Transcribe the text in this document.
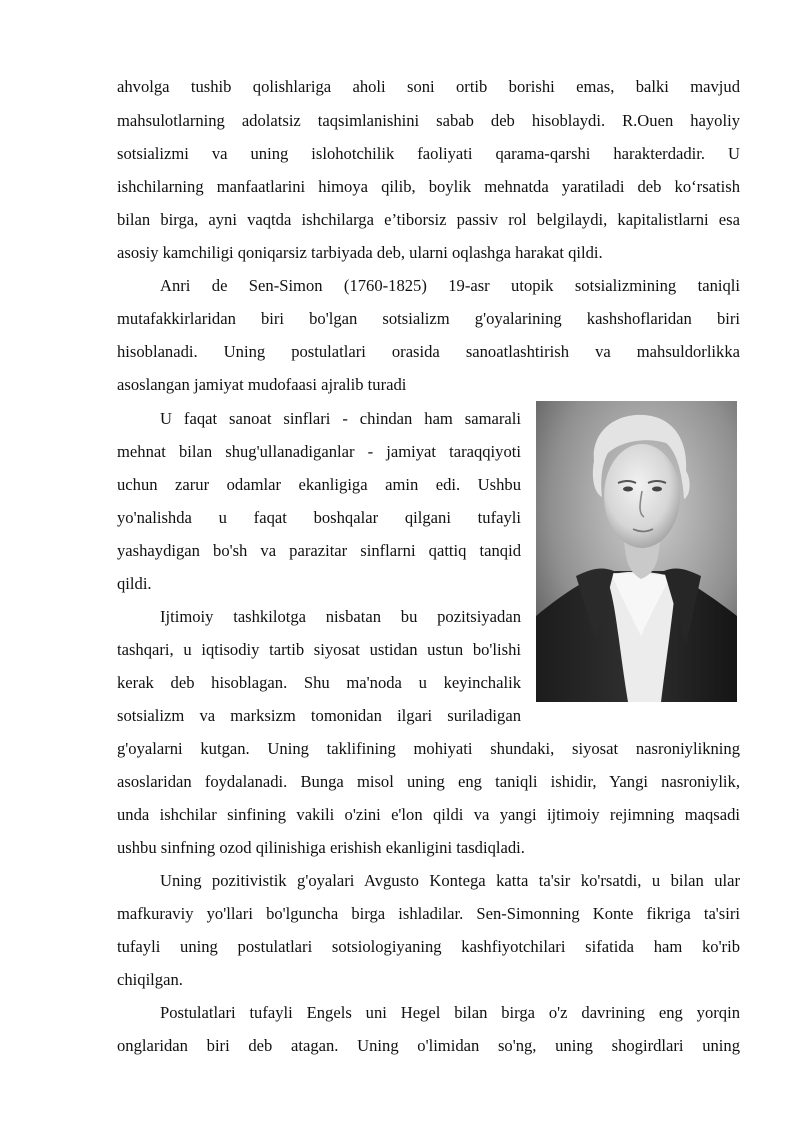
ahvolga tushib qolishlariga aholi soni ortib borishi emas, balki mavjud
mahsulotlarning adolatsiz taqsimlanishini sabab deb hisoblaydi. R.Ouen hayoliy
sotsializmi va uning islohotchilik faoliyati qarama-qarshi harakterdadir. U
ishchilarning manfaatlarini himoya qilib, boylik mehnatda yaratiladi deb ko‘rsatish
bilan birga, ayni vaqtda ishchilarga e’tiborsiz passiv rol belgilaydi, kapitalistlarni esa
asosiy kamchiligi qoniqarsiz tarbiyada deb, ularni oqlashga harakat qildi.
Anri de Sen-Simon (1760-1825) 19-asr utopik sotsializmining taniqli
mutafakkirlaridan biri bo'lgan sotsializm g'oyalarining kashshoflaridan biri
hisoblanadi. Uning postulatlari orasida sanoatlashtirish va mahsuldorlikka
asoslangan jamiyat mudofaasi ajralib turadi
U faqat sanoat sinflari - chindan ham samarali
mehnat bilan shug'ullanadiganlar - jamiyat taraqqiyoti
uchun zarur odamlar ekanligiga amin edi. Ushbu
yo'nalishda u faqat boshqalar qilgani tufayli
yashaydigan bo'sh va parazitar sinflarni qattiq tanqid
qildi.
Ijtimoiy tashkilotga nisbatan bu pozitsiyadan
tashqari, u iqtisodiy tartib siyosat ustidan ustun bo'lishi
kerak deb hisoblagan. Shu ma'noda u keyinchalik
sotsializm va marksizm tomonidan ilgari suriladigan
g'oyalarni kutgan. Uning taklifining mohiyati shundaki, siyosat nasroniylikning
asoslaridan foydalanadi. Bunga misol uning eng taniqli ishidir, Yangi nasroniylik,
unda ishchilar sinfining vakili o'zini e'lon qildi va yangi ijtimoiy rejimning maqsadi
ushbu sinfning ozod qilinishiga erishish ekanligini tasdiqladi.
Uning pozitivistik g'oyalari Avgusto Kontega katta ta'sir ko'rsatdi, u bilan ular
mafkuraviy yo'llari bo'lguncha birga ishladilar. Sen-Simonning Konte fikriga ta'siri
tufayli uning postulatlari sotsiologiyaning kashfiyotchilari sifatida ham ko'rib
chiqilgan.
Postulatlari tufayli Engels uni Hegel bilan birga o'z davrining eng yorqin
onglaridan biri deb atagan. Uning o'limidan so'ng, uning shogirdlari uning
